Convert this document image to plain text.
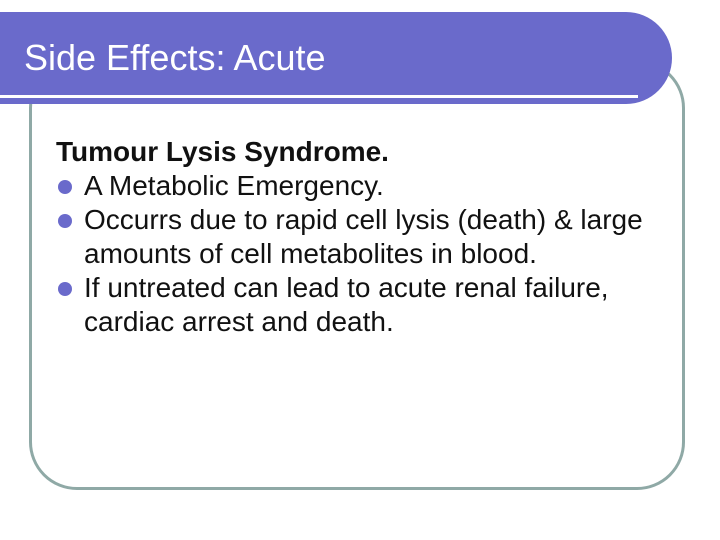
Side Effects: Acute

Tumour Lysis Syndrome.

A Metabolic Emergency.
Occurrs due to rapid cell lysis (death) & large amounts of cell metabolites in blood.
If untreated can lead to acute renal failure, cardiac arrest and death.
